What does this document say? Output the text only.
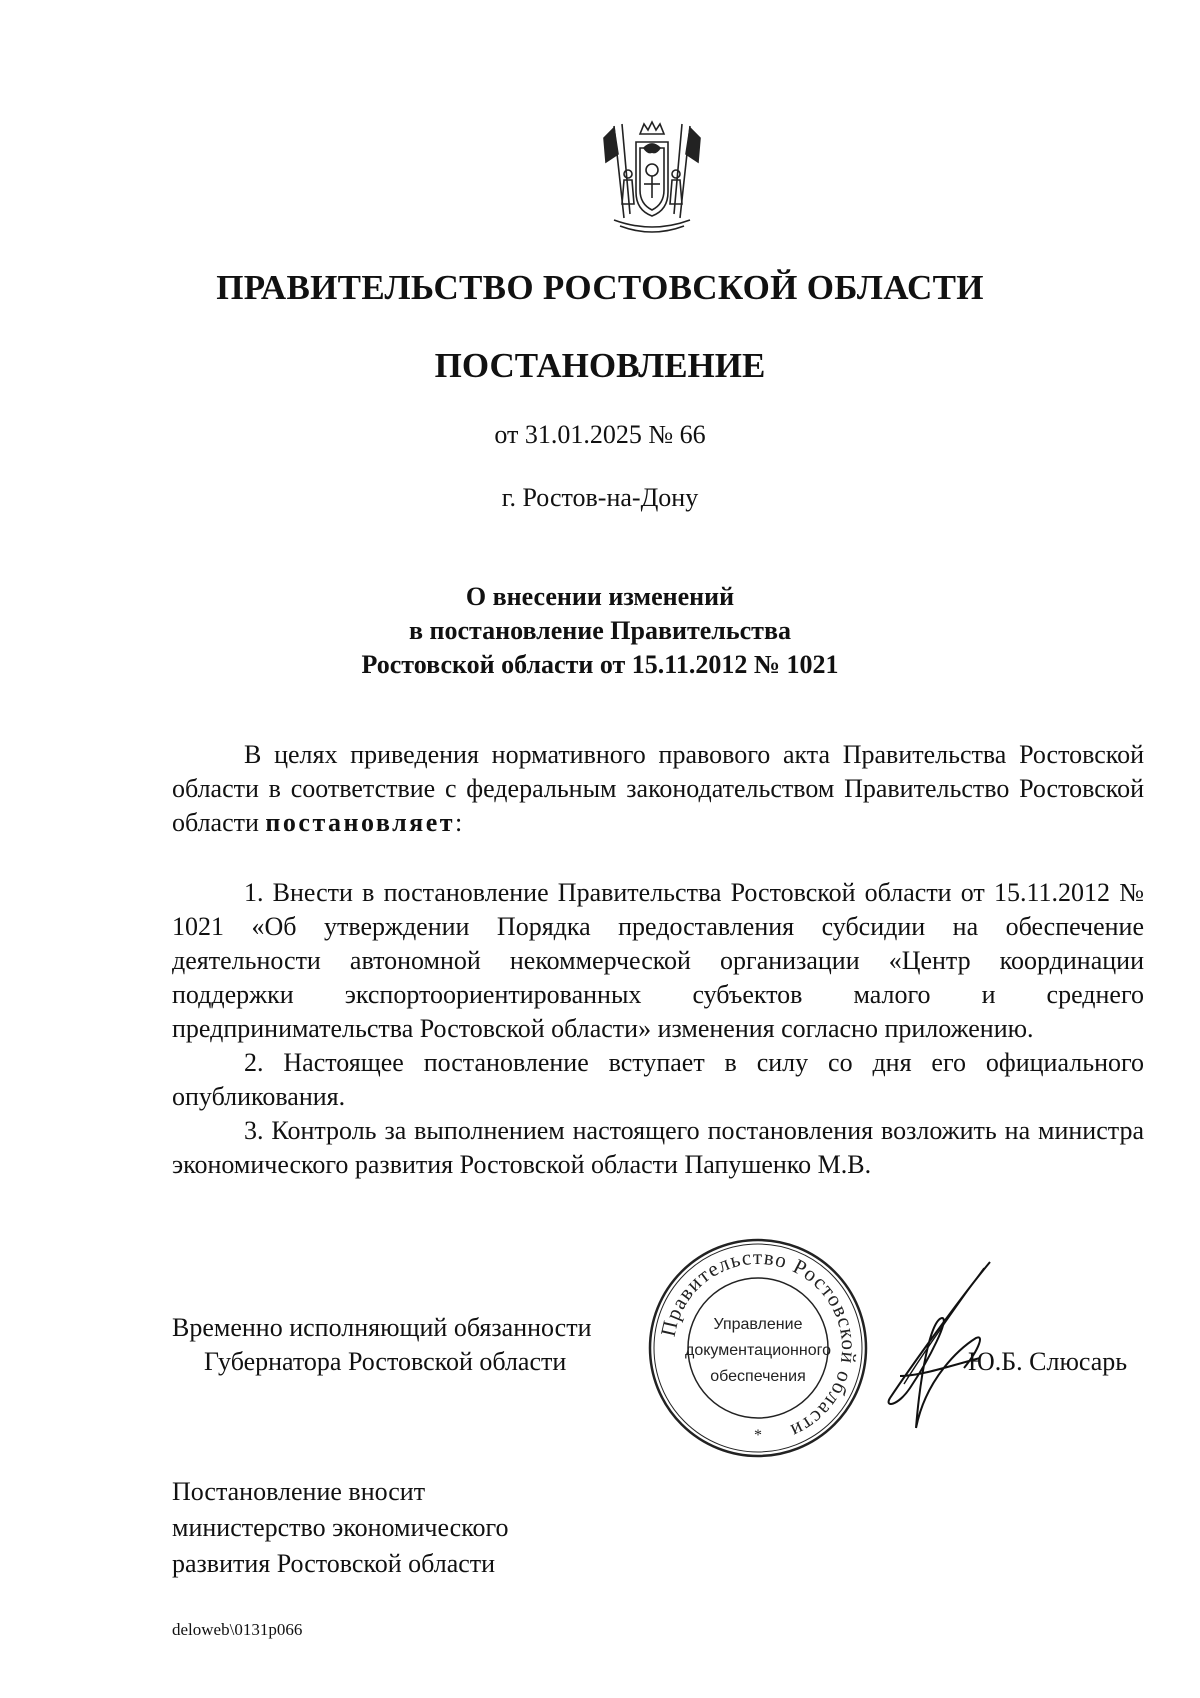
ПРАВИТЕЛЬСТВО РОСТОВСКОЙ ОБЛАСТИ
ПОСТАНОВЛЕНИЕ
от 31.01.2025 № 66
г. Ростов-на-Дону
О внесении изменений
в постановление Правительства
Ростовской области от 15.11.2012 № 1021

В целях приведения нормативного правового акта Правительства Ростовской области в соответствие с федеральным законодательством Правительство Ростовской области постановляет:

1. Внести в постановление Правительства Ростовской области от 15.11.2012 № 1021 «Об утверждении Порядка предоставления субсидии на обеспечение деятельности автономной некоммерческой организации «Центр координации поддержки экспортоориентированных субъектов малого и среднего предпринимательства Ростовской области» изменения согласно приложению.

2. Настоящее постановление вступает в силу со дня его официального опубликования.

3. Контроль за выполнением настоящего постановления возложить на министра экономического развития Ростовской области Папушенко М.В.

Временно исполняющий обязанности
Губернатора Ростовской области
Правительство Ростовской области
*
Управление
документационного
обеспечения
Ю.Б. Слюсарь
Постановление вносит
министерство экономического
развития Ростовской области
deloweb\0131p066
